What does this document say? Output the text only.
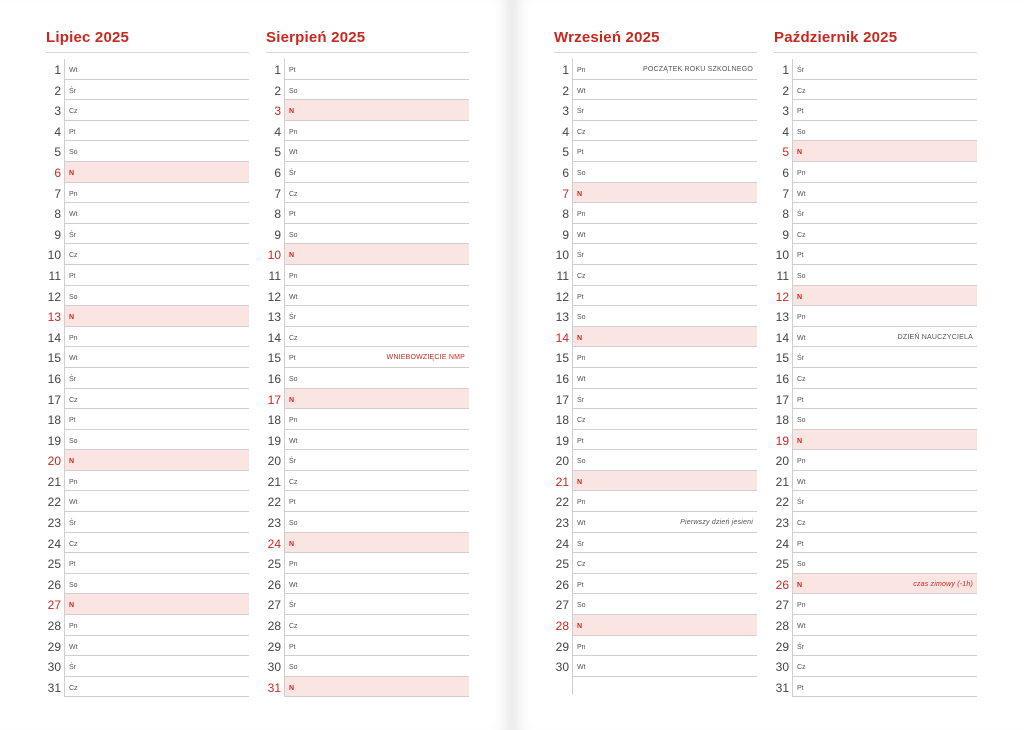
Lipiec 2025
1 Wt
2 Śr
3 Cz
4 Pt
5 So
6 N
7 Pn
8 Wt
9 Śr
10 Cz
11 Pt
12 So
13 N
14 Pn
15 Wt
16 Śr
17 Cz
18 Pt
19 So
20 N
21 Pn
22 Wt
23 Śr
24 Cz
25 Pt
26 So
27 N
28 Pn
29 Wt
30 Śr
31 Cz
Sierpień 2025
1 Pt
2 So
3 N
4 Pn
5 Wt
6 Śr
7 Cz
8 Pt
9 So
10 N
11 Pn
12 Wt
13 Śr
14 Cz
15 Pt	WNIEBOWZIĘCIE NMP
16 So
17 N
18 Pn
19 Wt
20 Śr
21 Cz
22 Pt
23 So
24 N
25 Pn
26 Wt
27 Śr
28 Cz
29 Pt
30 So
31 N
Wrzesień 2025
1 Pn	POCZĄTEK ROKU SZKOLNEGO
2 Wt
3 Śr
4 Cz
5 Pt
6 So
7 N
8 Pn
9 Wt
10 Śr
11 Cz
12 Pt
13 So
14 N
15 Pn
16 Wt
17 Śr
18 Cz
19 Pt
20 So
21 N
22 Pn
23 Wt	Pierwszy dzień jesieni
24 Śr
25 Cz
26 Pt
27 So
28 N
29 Pn
30 Wt
Październik 2025
1 Śr
2 Cz
3 Pt
4 So
5 N
6 Pn
7 Wt
8 Śr
9 Cz
10 Pt
11 So
12 N
13 Pn
14 Wt	DZIEŃ NAUCZYCIELA
15 Śr
16 Cz
17 Pt
18 So
19 N
20 Pn
21 Wt
22 Śr
23 Cz
24 Pt
25 So
26 N	czas zimowy (-1h)
27 Pn
28 Wt
29 Śr
30 Cz
31 Pt
